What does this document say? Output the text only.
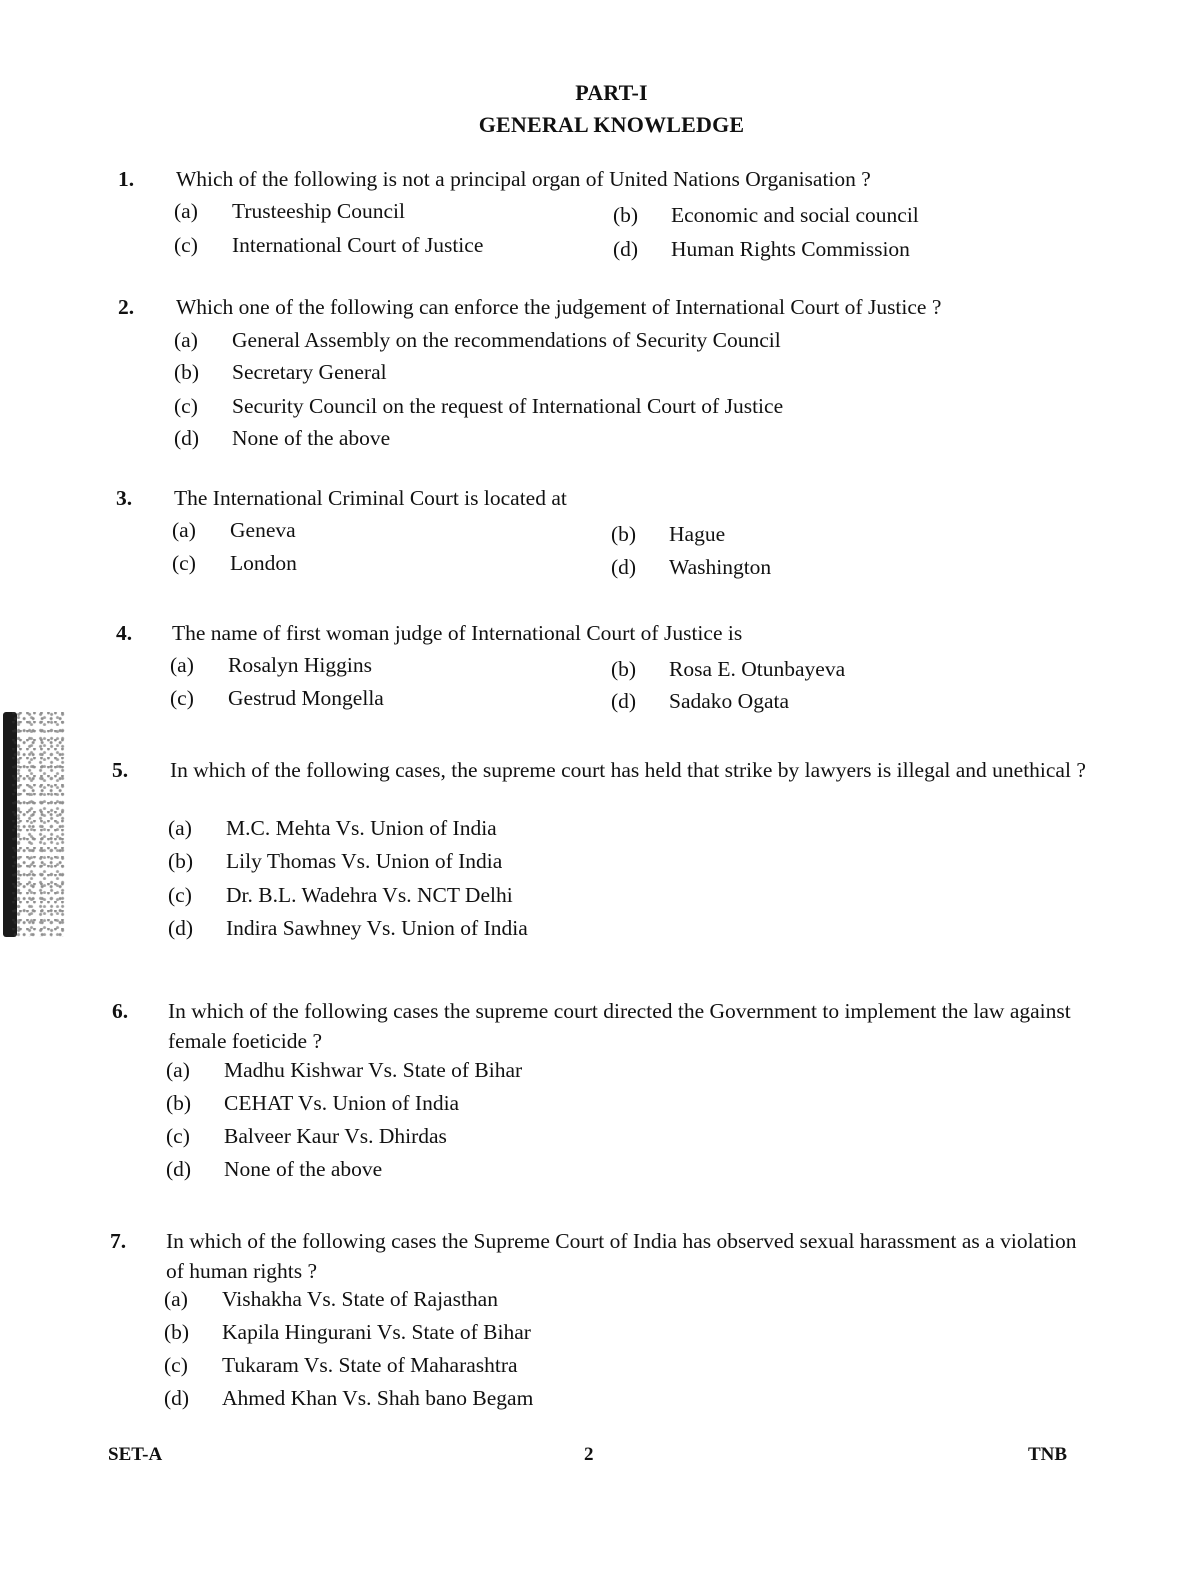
PART-I
GENERAL KNOWLEDGE
1. Which of the following is not a principal organ of United Nations Organisation ?
(a) Trusteeship Council	(b) Economic and social council
(c) International Court of Justice	(d) Human Rights Commission
2. Which one of the following can enforce the judgement of International Court of Justice ?
(a) General Assembly on the recommendations of Security Council
(b) Secretary General
(c) Security Council on the request of International Court of Justice
(d) None of the above
3. The International Criminal Court is located at
(a) Geneva	(b) Hague
(c) London	(d) Washington
4. The name of first woman judge of International Court of Justice is
(a) Rosalyn Higgins	(b) Rosa E. Otunbayeva
(c) Gestrud Mongella	(d) Sadako Ogata
5. In which of the following cases, the supreme court has held that strike by lawyers is illegal and unethical ?
(a) M.C. Mehta Vs. Union of India
(b) Lily Thomas Vs. Union of India
(c) Dr. B.L. Wadehra Vs. NCT Delhi
(d) Indira Sawhney Vs. Union of India
6. In which of the following cases the supreme court directed the Government to implement the law against female foeticide ?
(a) Madhu Kishwar Vs. State of Bihar
(b) CEHAT Vs. Union of India
(c) Balveer Kaur Vs. Dhirdas
(d) None of the above
7. In which of the following cases the Supreme Court of India has observed sexual harassment as a violation of human rights ?
(a) Vishakha Vs. State of Rajasthan
(b) Kapila Hingurani Vs. State of Bihar
(c) Tukaram Vs. State of Maharashtra
(d) Ahmed Khan Vs. Shah bano Begam
SET-A	2	TNB
